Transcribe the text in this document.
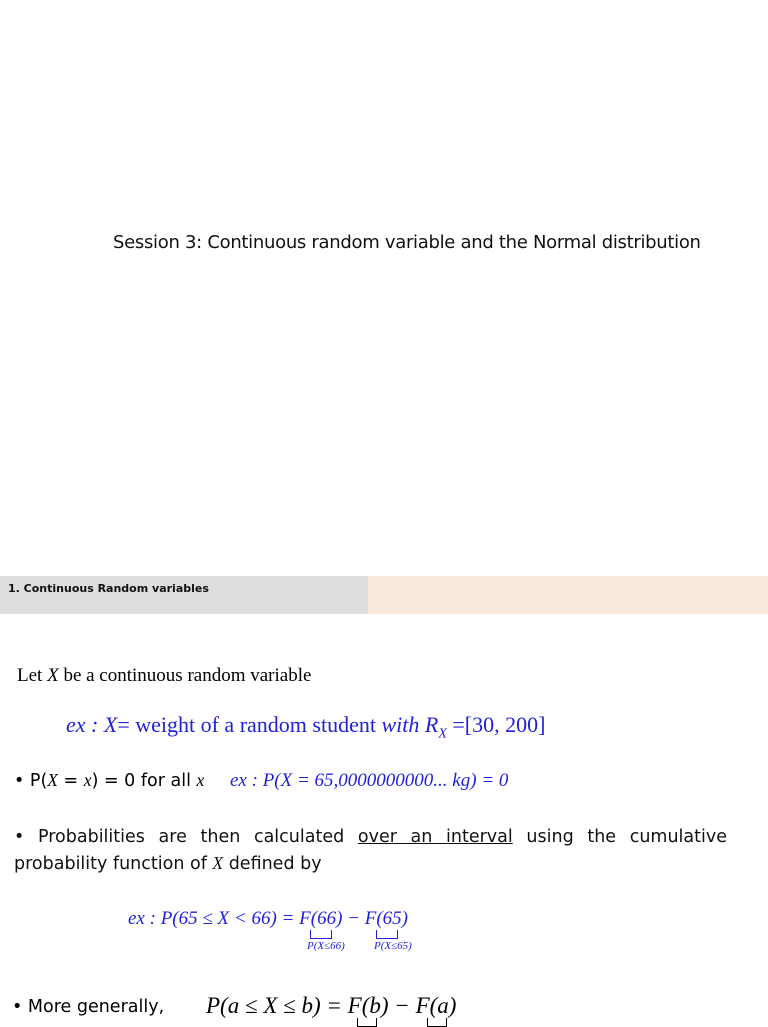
Session 3: Continuous random variable and the Normal distribution
1. Continuous Random variables
Let X be a continuous random variable
ex : X= weight of a random student with $R_X =[30$, 200]
• P(X = x) = 0 for all x ex : P(X = 65,0000000000... kg) = 0
• Probabilities are then calculated over an interval using the cumulative
probability function of X defined by
ex : P(65 ≤ X < 66) = F(66) − F(65)
P(X≤66)	P(X≤65)
• More generally, P(a ≤ X ≤ b) = F(b) − F(a)
